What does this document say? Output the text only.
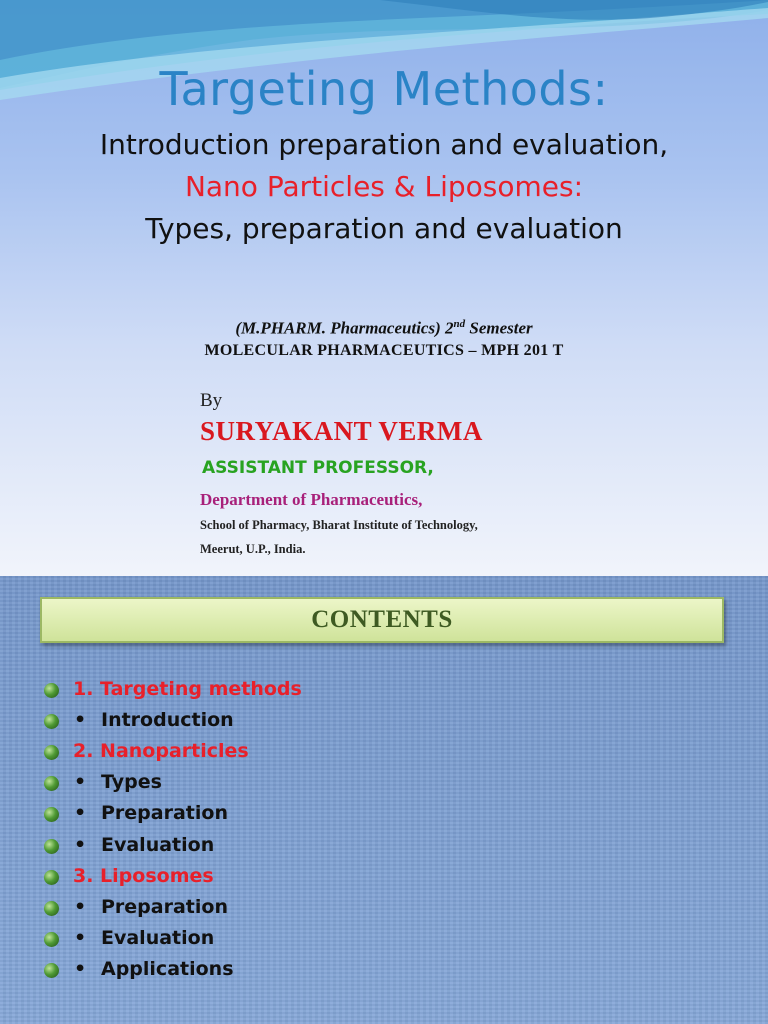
Targeting Methods:
Introduction preparation and evaluation,
Nano Particles & Liposomes:
Types, preparation and evaluation
(M.PHARM. Pharmaceutics) 2nd Semester
MOLECULAR PHARMACEUTICS – MPH 201 T
By
SURYAKANT VERMA
ASSISTANT PROFESSOR,
Department of Pharmaceutics,
School of Pharmacy, Bharat Institute of Technology,
Meerut, U.P., India.
CONTENTS
1. Targeting methods
• Introduction
2. Nanoparticles
• Types
• Preparation
• Evaluation
3. Liposomes
• Preparation
• Evaluation
• Applications
